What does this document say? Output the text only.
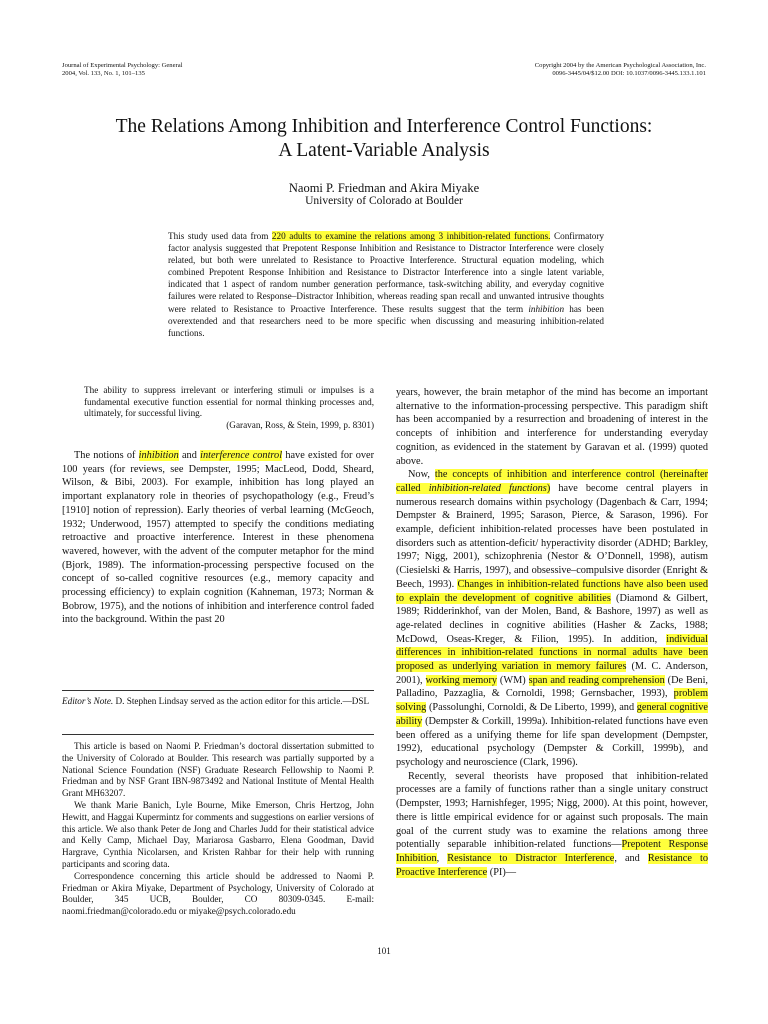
Journal of Experimental Psychology: General
2004, Vol. 133, No. 1, 101–135
Copyright 2004 by the American Psychological Association, Inc.
0096-3445/04/$12.00 DOI: 10.1037/0096-3445.133.1.101
The Relations Among Inhibition and Interference Control Functions:
A Latent-Variable Analysis
Naomi P. Friedman and Akira Miyake
University of Colorado at Boulder
This study used data from 220 adults to examine the relations among 3 inhibition-related functions. Confirmatory factor analysis suggested that Prepotent Response Inhibition and Resistance to Distractor Interference were closely related, but both were unrelated to Resistance to Proactive Interference. Structural equation modeling, which combined Prepotent Response Inhibition and Resistance to Distractor Interference into a single latent variable, indicated that 1 aspect of random number generation performance, task-switching ability, and everyday cognitive failures were related to Response–Distractor Inhibition, whereas reading span recall and unwanted intrusive thoughts were related to Resistance to Proactive Interference. These results suggest that the term inhibition has been overextended and that researchers need to be more specific when discussing and measuring inhibition-related functions.
The ability to suppress irrelevant or interfering stimuli or impulses is a fundamental executive function essential for normal thinking processes and, ultimately, for successful living.
(Garavan, Ross, & Stein, 1999, p. 8301)

The notions of inhibition and interference control have existed for over 100 years (for reviews, see Dempster, 1995; MacLeod, Dodd, Sheard, Wilson, & Bibi, 2003). For example, inhibition has long played an important explanatory role in theories of psychopathology (e.g., Freud’s [1910] notion of repression). Early theories of verbal learning (McGeoch, 1932; Underwood, 1957) attempted to specify the conditions mediating retroactive and proactive interference. Interest in these phenomena wavered, however, with the advent of the computer metaphor for the mind (Bjork, 1989). The information-processing perspective focused on the concept of so-called cognitive resources (e.g., memory capacity and processing efficiency) to explain cognition (Kahneman, 1973; Norman & Bobrow, 1975), and the notions of inhibition and interference control faded into the background. Within the past 20

Editor’s Note. D. Stephen Lindsay served as the action editor for this article.—DSL

This article is based on Naomi P. Friedman’s doctoral dissertation submitted to the University of Colorado at Boulder. This research was partially supported by a National Science Foundation (NSF) Graduate Research Fellowship to Naomi P. Friedman and by NSF Grant IBN-9873492 and National Institute of Mental Health Grant MH63207.

We thank Marie Banich, Lyle Bourne, Mike Emerson, Chris Hertzog, John Hewitt, and Haggai Kupermintz for comments and suggestions on earlier versions of this article. We also thank Peter de Jong and Charles Judd for their statistical advice and Kelly Camp, Michael Day, Mariarosa Gasbarro, Elena Goodman, David Hargrave, Cynthia Nicolarsen, and Kristen Rahbar for their help with running participants and scoring data.

Correspondence concerning this article should be addressed to Naomi P. Friedman or Akira Miyake, Department of Psychology, University of Colorado at Boulder, 345 UCB, Boulder, CO 80309-0345. E-mail: naomi.friedman@colorado.edu or miyake@psych.colorado.edu

years, however, the brain metaphor of the mind has become an important alternative to the information-processing perspective. This paradigm shift has been accompanied by a resurrection and broadening of interest in the concepts of inhibition and interference for understanding everyday cognition, as evidenced in the statement by Garavan et al. (1999) quoted above.

Now, the concepts of inhibition and interference control (hereinafter called inhibition-related functions) have become central players in numerous research domains within psychology (Dagenbach & Carr, 1994; Dempster & Brainerd, 1995; Sarason, Pierce, & Sarason, 1996). For example, deficient inhibition-related processes have been postulated in disorders such as attention-deficit/ hyperactivity disorder (ADHD; Barkley, 1997; Nigg, 2001), schizophrenia (Nestor & O’Donnell, 1998), autism (Ciesielski & Harris, 1997), and obsessive–compulsive disorder (Enright & Beech, 1993). Changes in inhibition-related functions have also been used to explain the development of cognitive abilities (Diamond & Gilbert, 1989; Ridderinkhof, van der Molen, Band, & Bashore, 1997) as well as age-related declines in cognitive abilities (Hasher & Zacks, 1988; McDowd, Oseas-Kreger, & Filion, 1995). In addition, individual differences in inhibition-related functions in normal adults have been proposed as underlying variation in memory failures (M. C. Anderson, 2001), working memory (WM) span and reading comprehension (De Beni, Palladino, Pazzaglia, & Cornoldi, 1998; Gernsbacher, 1993), problem solving (Passolunghi, Cornoldi, & De Liberto, 1999), and general cognitive ability (Dempster & Corkill, 1999a). Inhibition-related functions have even been offered as a unifying theme for life span development (Dempster, 1992), educational psychology (Dempster & Corkill, 1999b), and psychology and neuroscience (Clark, 1996).

Recently, several theorists have proposed that inhibition-related processes are a family of functions rather than a single unitary construct (Dempster, 1993; Harnishfeger, 1995; Nigg, 2000). At this point, however, there is little empirical evidence for or against such proposals. The main goal of the current study was to examine the relations among three potentially separable inhibition-related functions—Prepotent Response Inhibition, Resistance to Distractor Interference, and Resistance to Proactive Interference (PI)—

101
